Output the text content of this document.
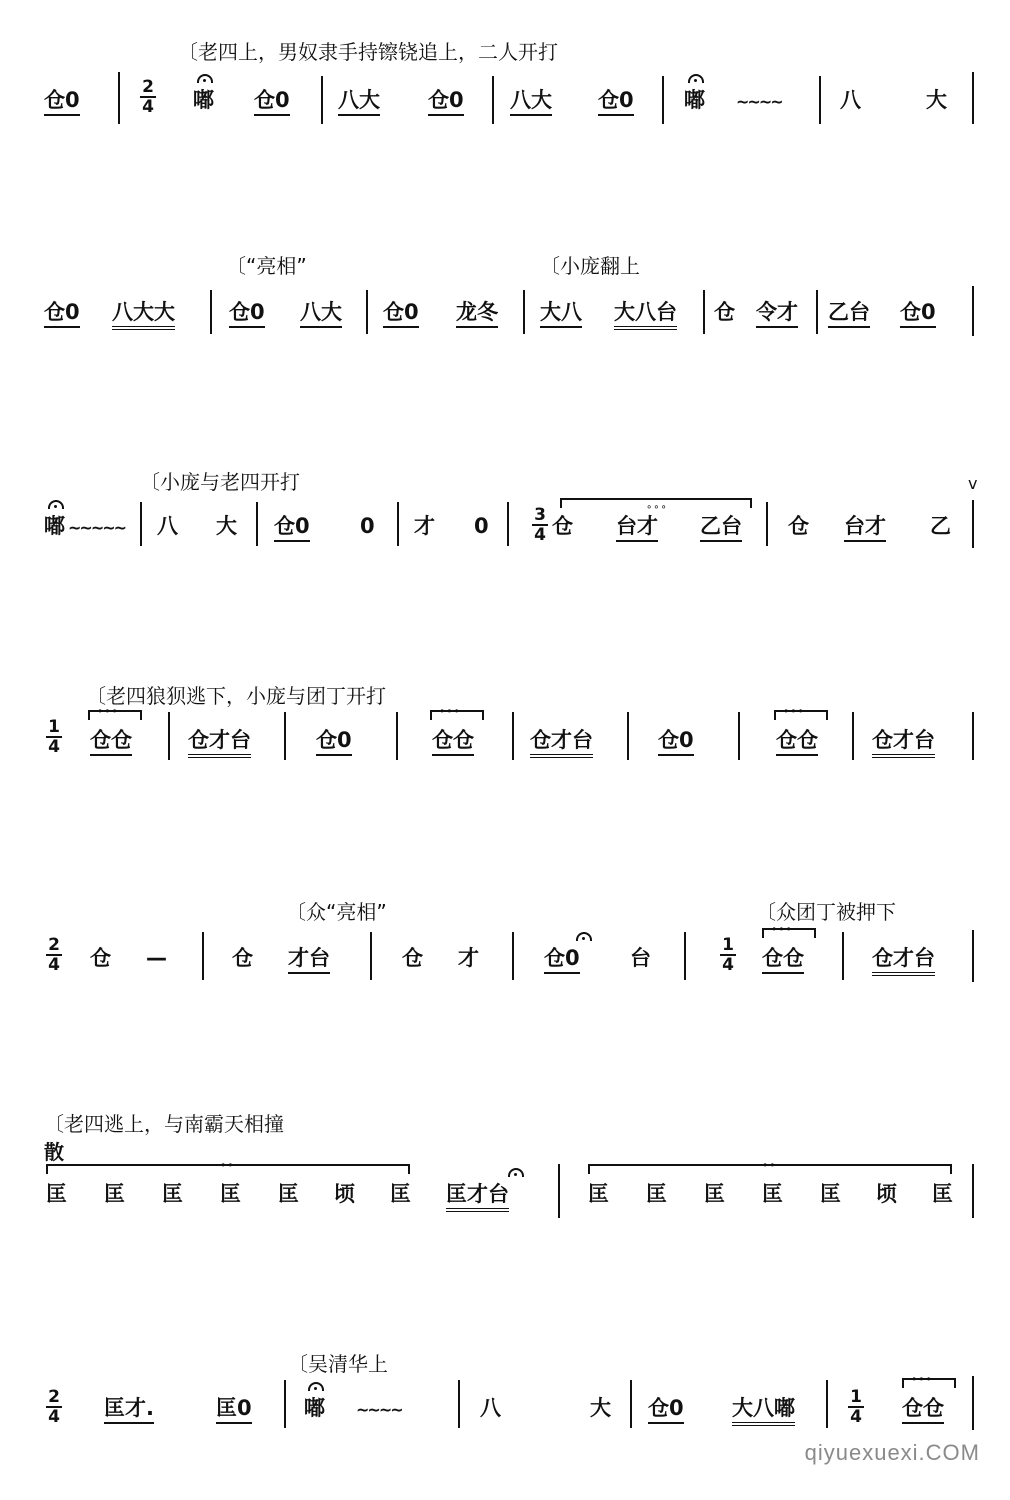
〔老四上，男奴隶手持镲铙追上，二人开打
仓0	$\frac{2}{4}$ 嘟 仓0 八大 仓0 八大 仓0 嘟 ~~~~	八	大
〔“亮相”	〔小庞翻上
仓0 八大大	仓0 八大 仓0 龙冬 大八 大八台 仓 令才 乙台 仓0
v
〔小庞与老四开打
嘟 ~~~~~ 八 大 仓0 0 才 0	$\frac{3}{4}$	∘∘∘
仓 台才 乙台 仓 台才 乙
〔老四狼狈逃下，小庞与团丁开打
$\frac{1}{4}$
∘∘∘
仓仓	仓才台	仓0
∘∘∘
仓仓	仓才台	仓0
∘∘∘
仓仓	仓才台
〔众“亮相”	〔众团丁被押下
$\frac{2}{4}$ 仓 —	仓 才台	仓 才	仓0 台	$\frac{1}{4}$
∘∘∘
仓仓	仓才台
〔老四逃上，与南霸天相撞
散
∘∘
匡 匡 匡 匡 匡 顷 匡 匡才台
∘∘
匡 匡 匡 匡 匡 顷 匡
〔吴清华上
$\frac{2}{4}$ 匡才.	匡0 嘟 ~~~~	八	大 仓0 大八嘟	$\frac{1}{4}$
∘∘∘
仓仓
qiyuexuexi.COM
